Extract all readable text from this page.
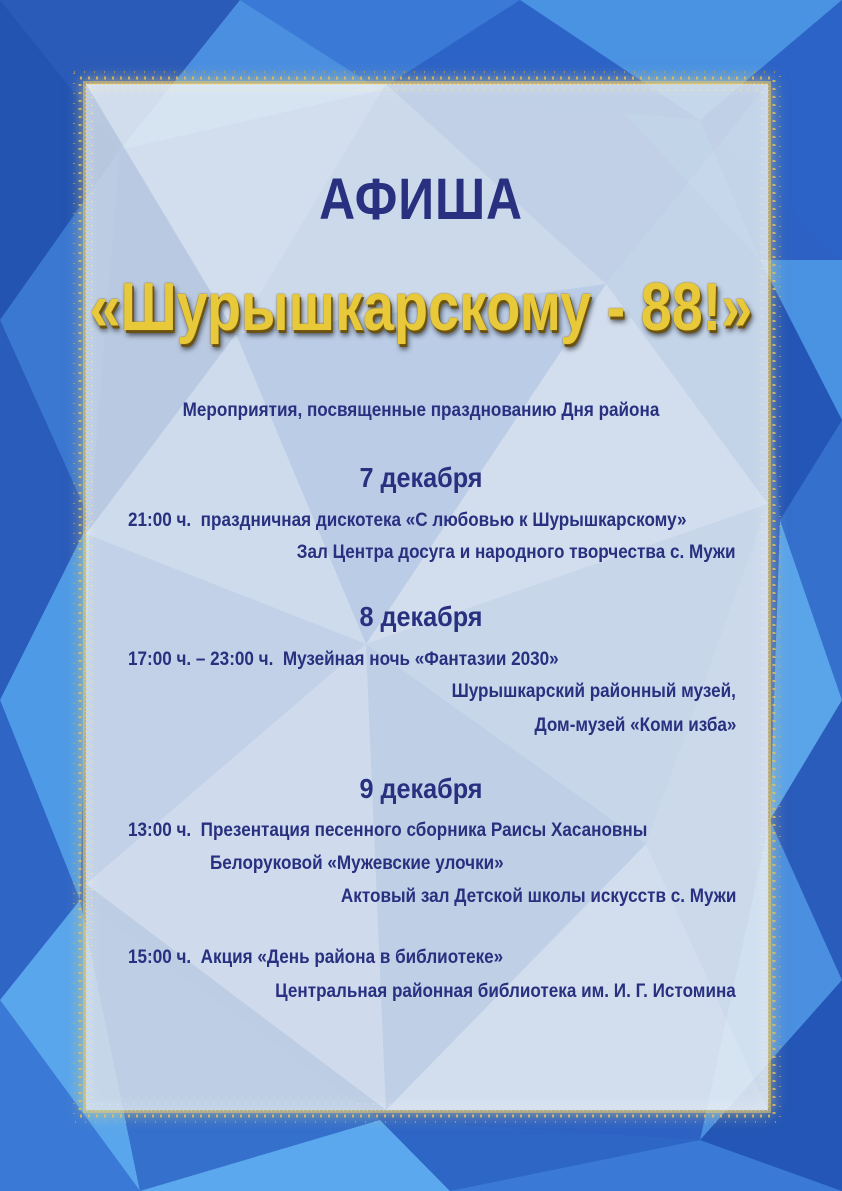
АФИША
«Шурышкарскому - 88!»
Мероприятия, посвященные празднованию Дня района
7 декабря
21:00 ч. праздничная дискотека «С любовью к Шурышкарскому»
Зал Центра досуга и народного творчества с. Мужи
8 декабря
17:00 ч. – 23:00 ч. Музейная ночь «Фантазии 2030»
Шурышкарский районный музей,
Дом-музей «Коми изба»
9 декабря
13:00 ч. Презентация песенного сборника Раисы Хасановны
Белоруковой «Мужевские улочки»
Актовый зал Детской школы искусств с. Мужи
15:00 ч. Акция «День района в библиотеке»
Центральная районная библиотека им. И. Г. Истомина
